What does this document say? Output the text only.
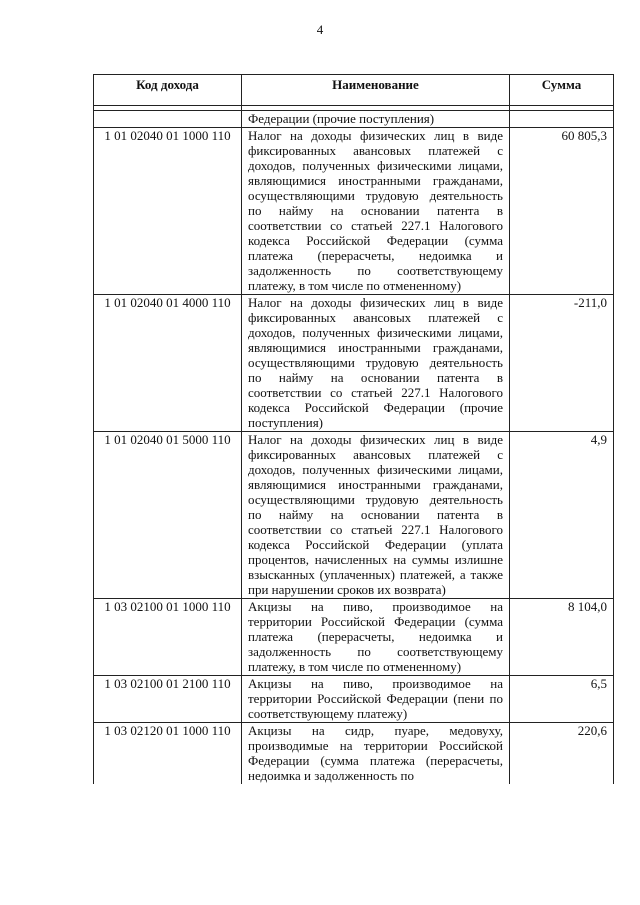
4
Код дохода	Наименование	Сумма

	Федерации (прочие поступления)	
1 01 02040 01 1000 110	Налог на доходы физических лиц в виде фиксированных авансовых платежей с доходов, полученных физическими лицами, являющимися иностранными гражданами, осуществляющими трудовую деятельность по найму на основании патента в соответствии со статьей 227.1 Налогового кодекса Российской Федерации (сумма платежа (перерасчеты, недоимка и задолженность по соответствующему платежу, в том числе по отмененному)	60 805,3
1 01 02040 01 4000 110	Налог на доходы физических лиц в виде фиксированных авансовых платежей с доходов, полученных физическими лицами, являющимися иностранными гражданами, осуществляющими трудовую деятельность по найму на основании патента в соответствии со статьей 227.1 Налогового кодекса Российской Федерации (прочие поступления)	-211,0
1 01 02040 01 5000 110	Налог на доходы физических лиц в виде фиксированных авансовых платежей с доходов, полученных физическими лицами, являющимися иностранными гражданами, осуществляющими трудовую деятельность по найму на основании патента в соответствии со статьей 227.1 Налогового кодекса Российской Федерации (уплата процентов, начисленных на суммы излишне взысканных (уплаченных) платежей, а также при нарушении сроков их возврата)	4,9
1 03 02100 01 1000 110	Акцизы на пиво, производимое на территории Российской Федерации (сумма платежа (перерасчеты, недоимка и задолженность по соответствующему платежу, в том числе по отмененному)	8 104,0
1 03 02100 01 2100 110	Акцизы на пиво, производимое на территории Российской Федерации (пени по соответствующему платежу)	6,5
1 03 02120 01 1000 110	Акцизы на сидр, пуаре, медовуху, производимые на территории Российской Федерации (сумма платежа (перерасчеты, недоимка и задолженность по	220,6
